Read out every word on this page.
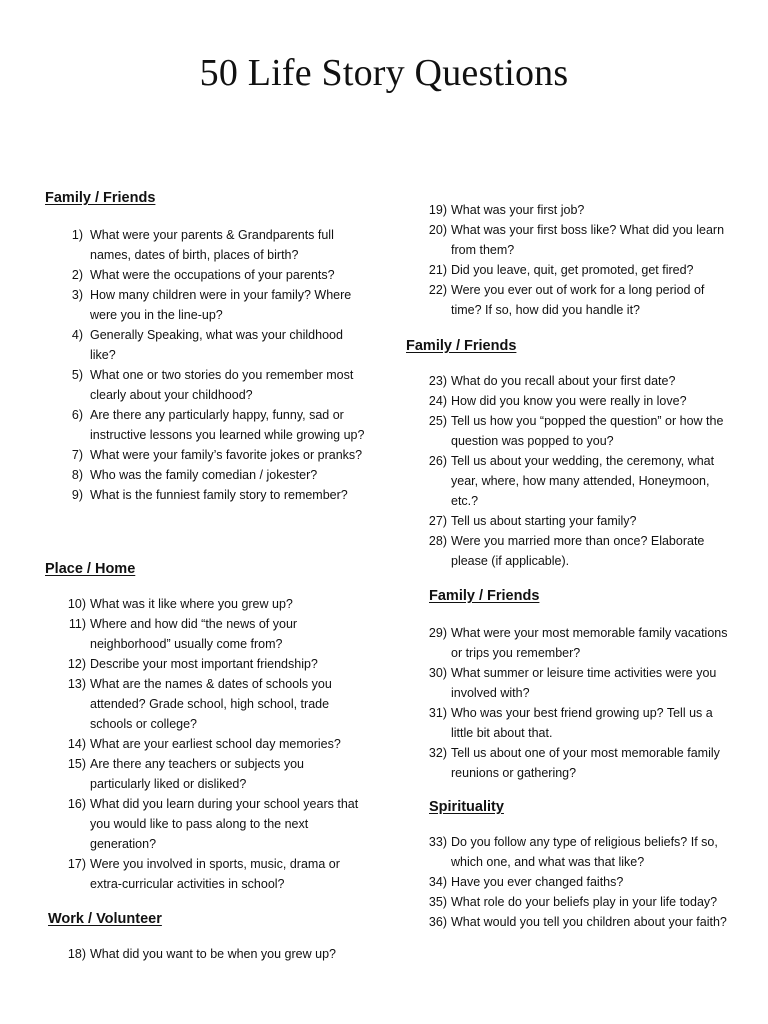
50 Life Story Questions
Family / Friends
1) What were your parents & Grandparents full names, dates of birth, places of birth?
2) What were the occupations of your parents?
3) How many children were in your family? Where were you in the line-up?
4) Generally Speaking, what was your childhood like?
5) What one or two stories do you remember most clearly about your childhood?
6) Are there any particularly happy, funny, sad or instructive lessons you learned while growing up?
7) What were your family’s favorite jokes or pranks?
8) Who was the family comedian / jokester?
9) What is the funniest family story to remember?
Place / Home
10) What was it like where you grew up?
11) Where and how did “the news of your neighborhood” usually come from?
12) Describe your most important friendship?
13) What are the names & dates of schools you attended? Grade school, high school, trade schools or college?
14) What are your earliest school day memories?
15) Are there any teachers or subjects you particularly liked or disliked?
16) What did you learn during your school years that you would like to pass along to the next generation?
17) Were you involved in sports, music, drama or extra-curricular activities in school?
Work / Volunteer
18) What did you want to be when you grew up?
19) What was your first job?
20) What was your first boss like? What did you learn from them?
21) Did you leave, quit, get promoted, get fired?
22) Were you ever out of work for a long period of time? If so, how did you handle it?
Family / Friends
23) What do you recall about your first date?
24) How did you know you were really in love?
25) Tell us how you “popped the question” or how the question was popped to you?
26) Tell us about your wedding, the ceremony, what year, where, how many attended, Honeymoon, etc.?
27) Tell us about starting your family?
28) Were you married more than once? Elaborate please (if applicable).
Family / Friends
29) What were your most memorable family vacations or trips you remember?
30) What summer or leisure time activities were you involved with?
31) Who was your best friend growing up? Tell us a little bit about that.
32) Tell us about one of your most memorable family reunions or gathering?
Spirituality
33) Do you follow any type of religious beliefs? If so, which one, and what was that like?
34) Have you ever changed faiths?
35) What role do your beliefs play in your life today?
36) What would you tell you children about your faith?
